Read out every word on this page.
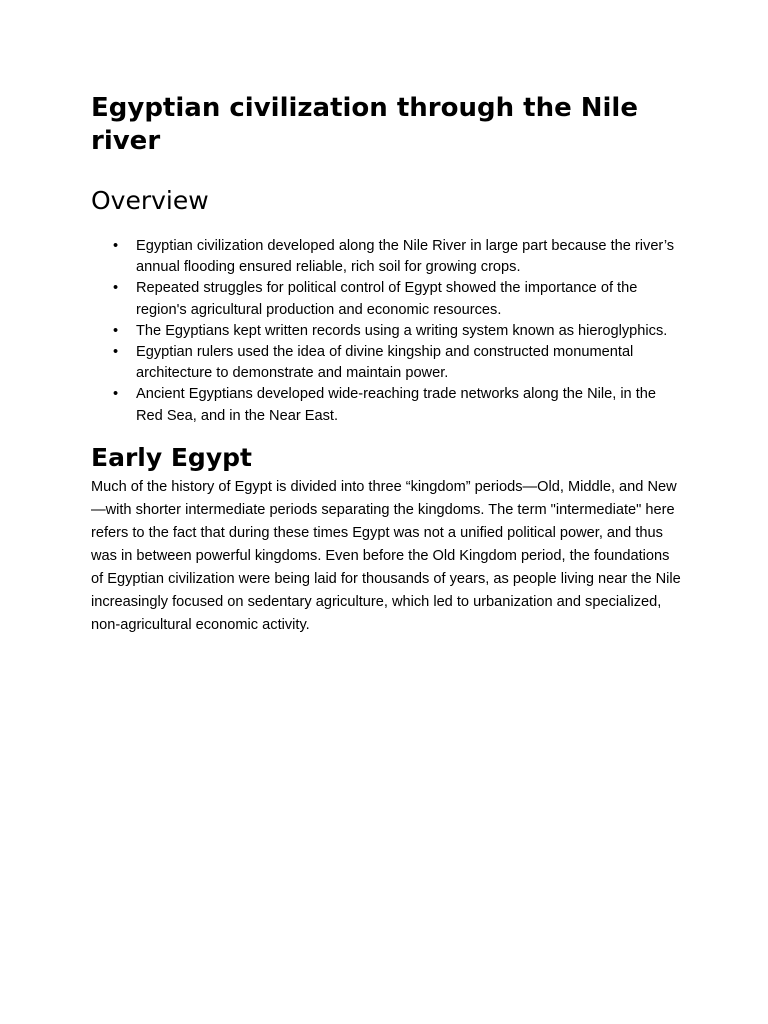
Egyptian civilization through the Nile river
Overview
• Egyptian civilization developed along the Nile River in large part because the river’s annual flooding ensured reliable, rich soil for growing crops.
• Repeated struggles for political control of Egypt showed the importance of the region's agricultural production and economic resources.
• The Egyptians kept written records using a writing system known as hieroglyphics.
• Egyptian rulers used the idea of divine kingship and constructed monumental architecture to demonstrate and maintain power.
• Ancient Egyptians developed wide-reaching trade networks along the Nile, in the Red Sea, and in the Near East.
Early Egypt

Much of the history of Egypt is divided into three “kingdom” periods—Old, Middle, and New—with shorter intermediate periods separating the kingdoms. The term "intermediate" here refers to the fact that during these times Egypt was not a unified political power, and thus was in between powerful kingdoms. Even before the Old Kingdom period, the foundations of Egyptian civilization were being laid for thousands of years, as people living near the Nile increasingly focused on sedentary agriculture, which led to urbanization and specialized, non-agricultural economic activity.
